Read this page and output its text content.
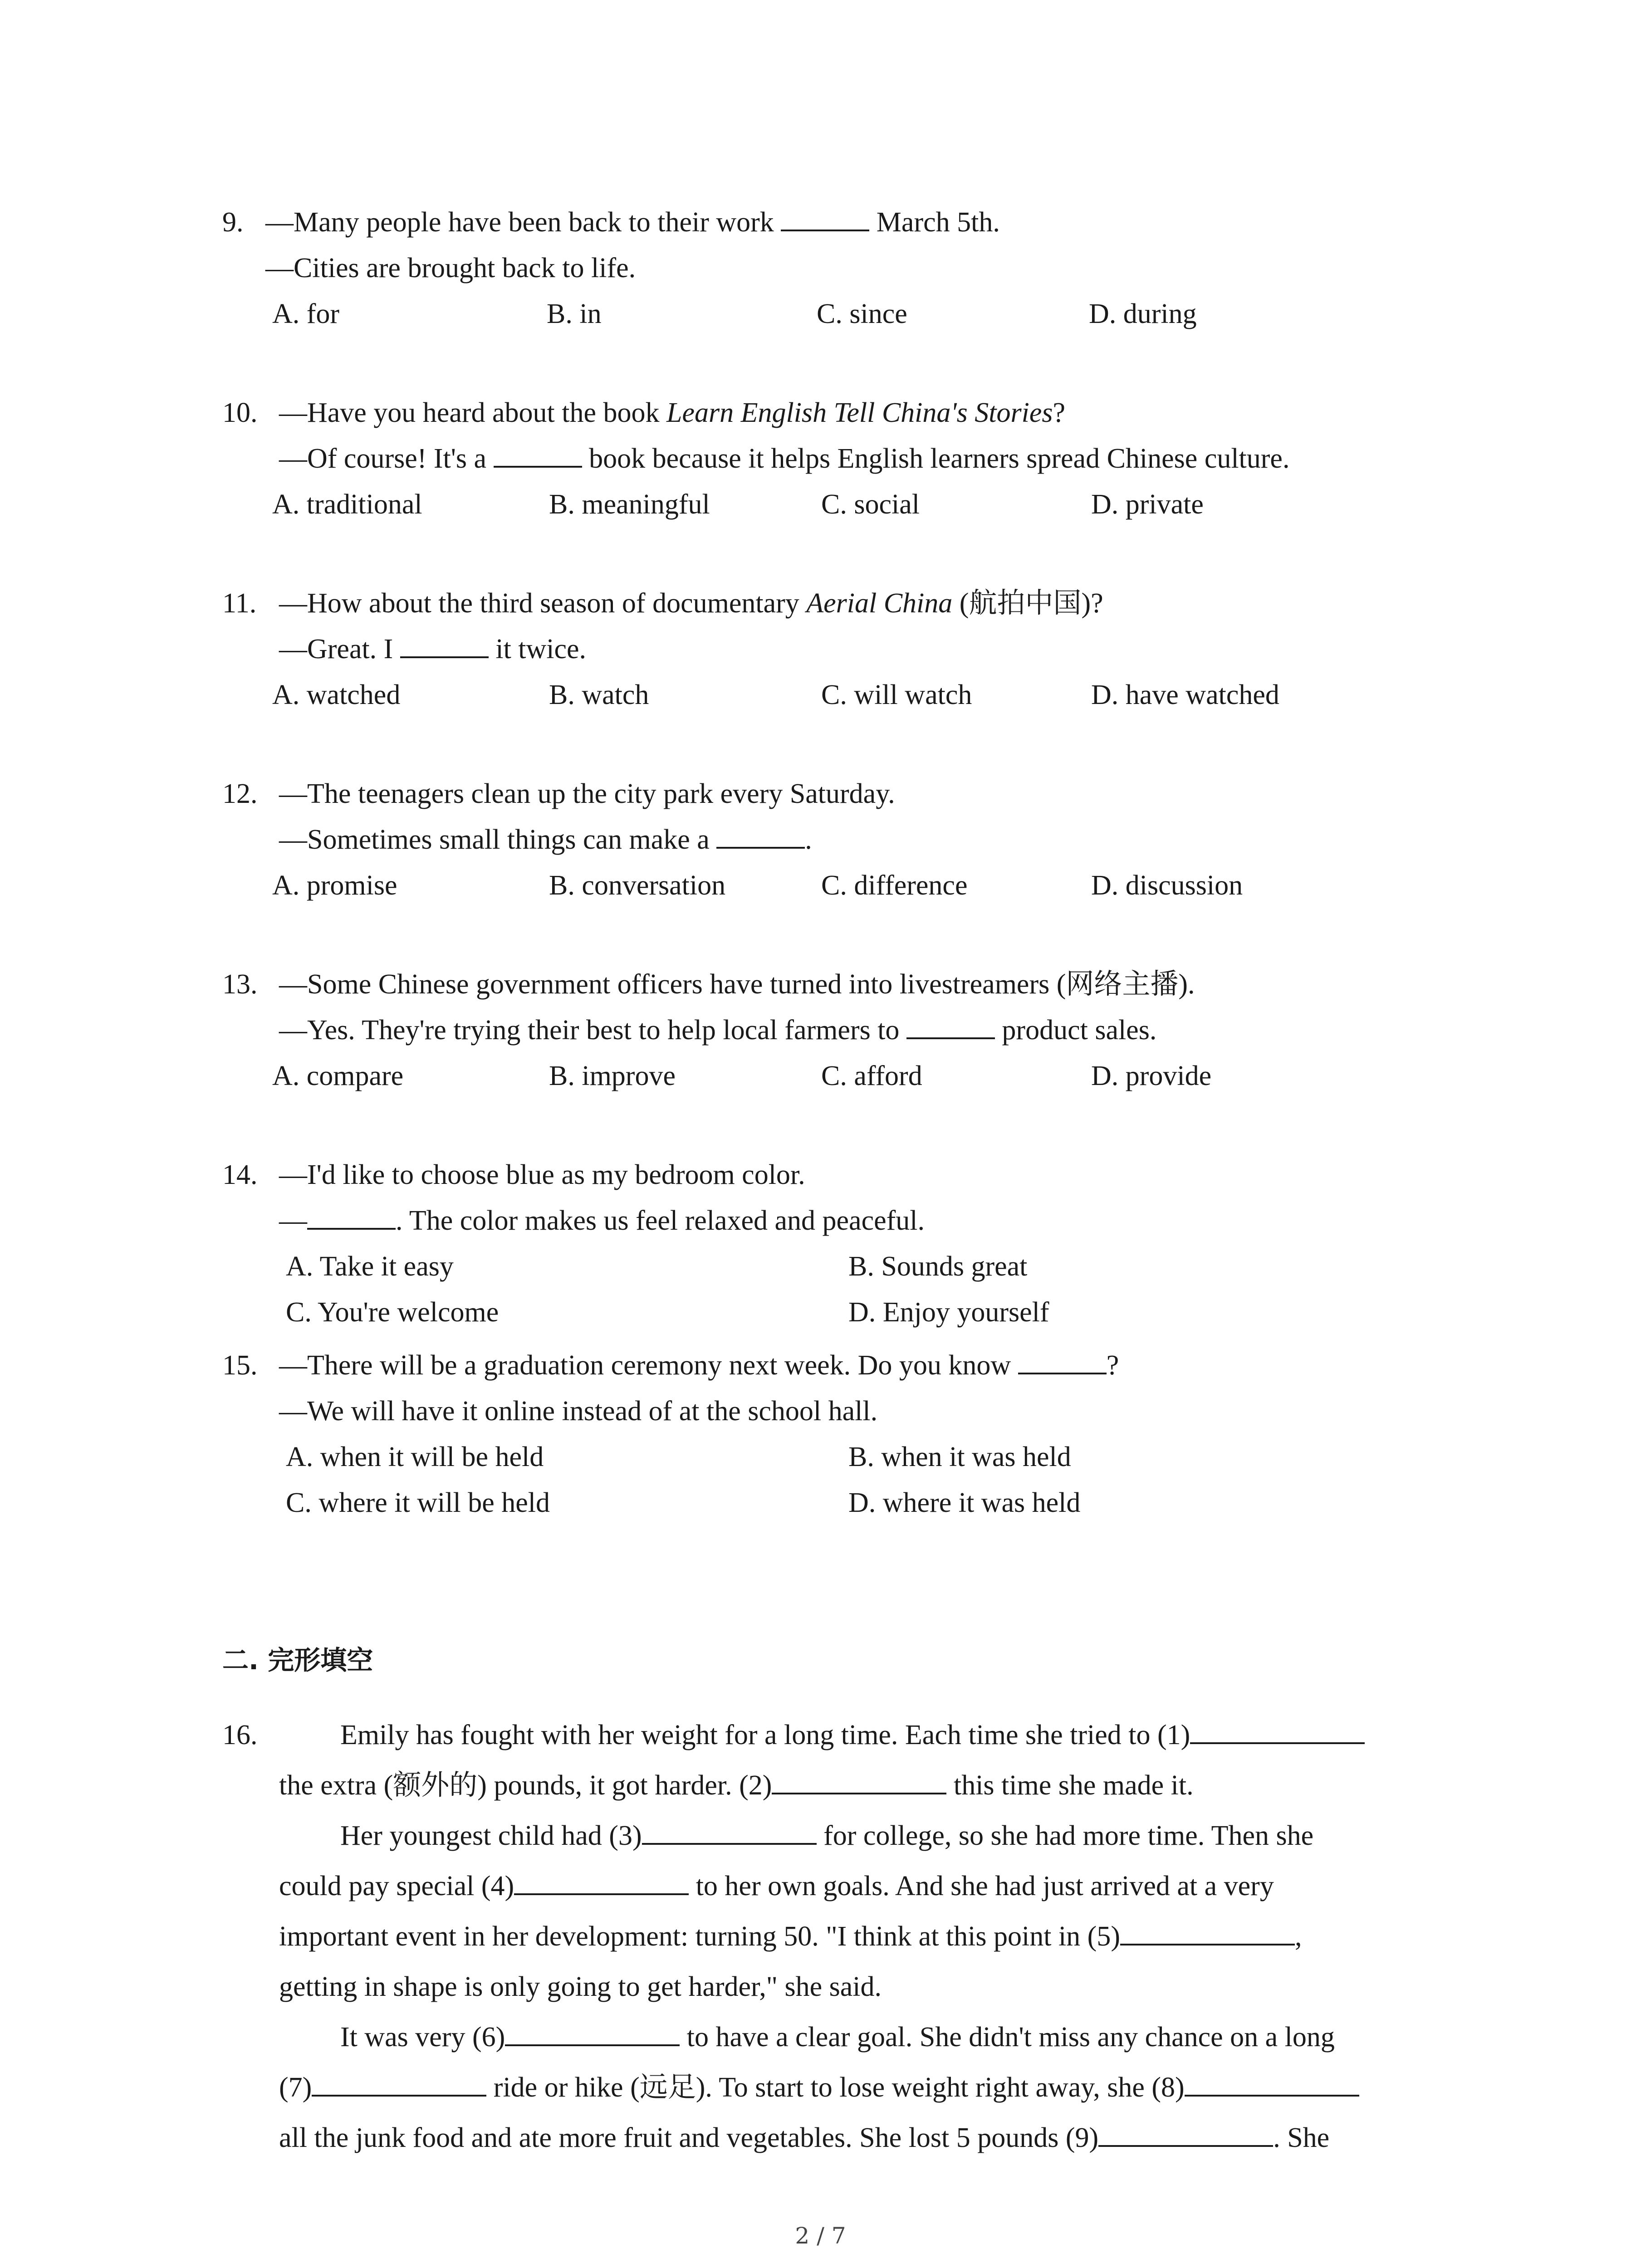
9. —Many people have been back to their work	March 5th.
—Cities are brought back to life.
A. for	B. in	C. since	D. during
10. —Have you heard about the book Learn English Tell China's Stories?
—Of course! It's a	book because it helps English learners spread Chinese culture.
A. traditional	B. meaningful	C. social	D. private
11. —How about the third season of documentary Aerial China (航拍中国)?
—Great. I	it twice.
A. watched	B. watch	C. will watch	D. have watched
12. —The teenagers clean up the city park every Saturday.
—Sometimes small things can make a	.
A. promise	B. conversation	C. difference	D. discussion
13. —Some Chinese government officers have turned into livestreamers (网络主播).
—Yes. They're trying their best to help local farmers to	product sales.
A. compare	B. improve	C. afford	D. provide
14. —I'd like to choose blue as my bedroom color.
—	. The color makes us feel relaxed and peaceful.
A. Take it easy	B. Sounds great
C. You're welcome	D. Enjoy yourself
15. —There will be a graduation ceremony next week. Do you know	?
—We will have it online instead of at the school hall.
A. when it will be held	B. when it was held
C. where it will be held	D. where it was held
二. 完形填空
16.	Emily has fought with her weight for a long time. Each time she tried to (1)
the extra (额外的) pounds, it got harder. (2)	this time she made it.
Her youngest child had (3)	for college, so she had more time. Then she
could pay special (4)	to her own goals. And she had just arrived at a very
important event in her development: turning 50. "I think at this point in (5)	,
getting in shape is only going to get harder," she said.
It was very (6)	to have a clear goal. She didn't miss any chance on a long
(7)	ride or hike (远足). To start to lose weight right away, she (8)
all the junk food and ate more fruit and vegetables. She lost 5 pounds (9)	. She
2 / 7
